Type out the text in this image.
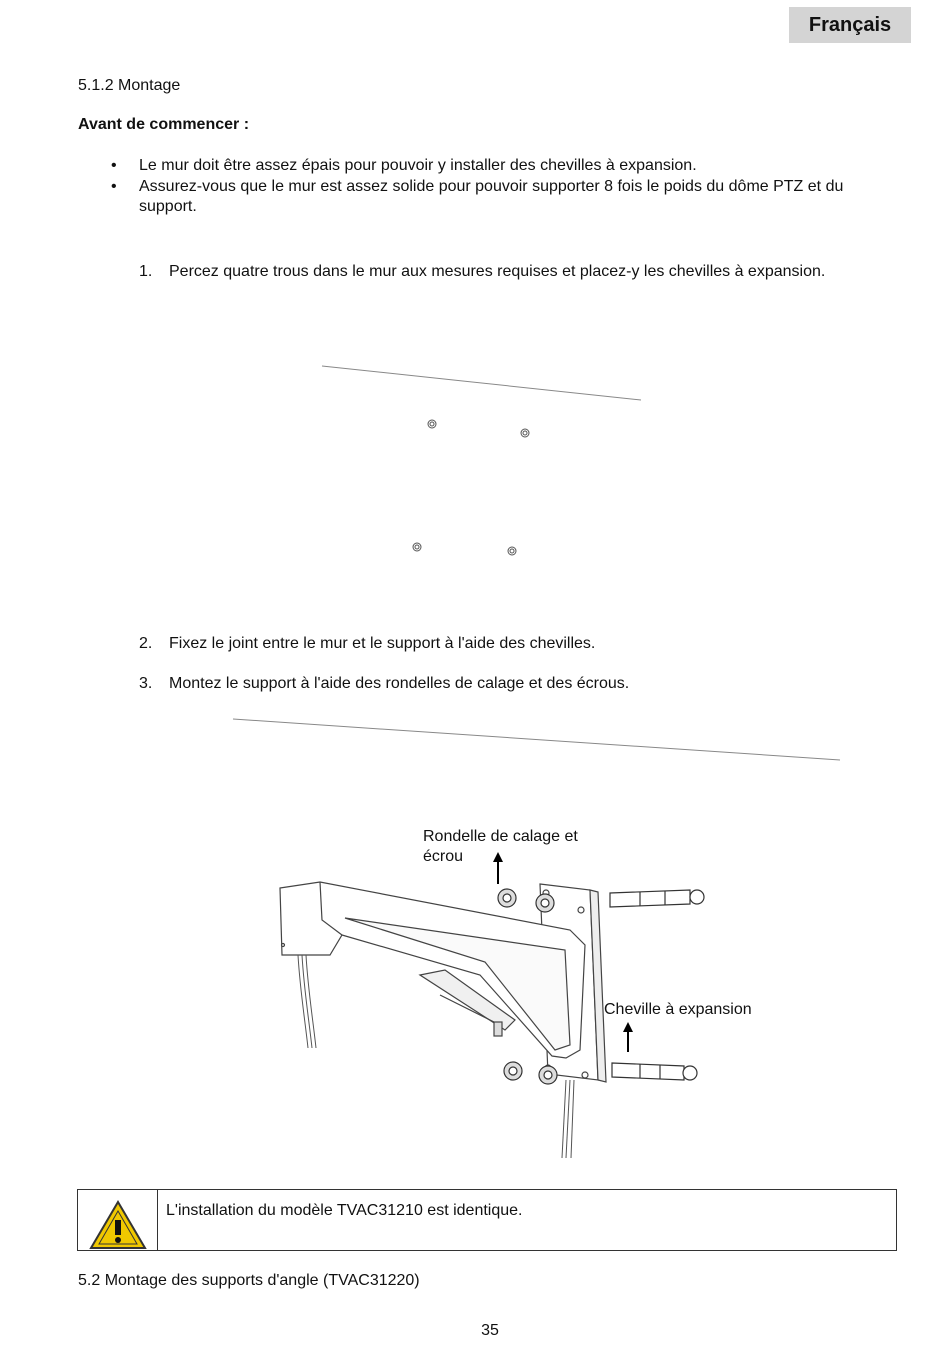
Français
5.1.2 Montage
Avant de commencer :
• Le mur doit être assez épais pour pouvoir y installer des chevilles à expansion.
• Assurez-vous que le mur est assez solide pour pouvoir supporter 8 fois le poids du dôme PTZ et du support.
1.	Percez quatre trous dans le mur aux mesures requises et placez-y les chevilles à expansion.
2.	Fixez le joint entre le mur et le support à l'aide des chevilles.
3.	Montez le support à l'aide des rondelles de calage et des écrous.
Rondelle de calage et écrou
Cheville à expansion
L'installation du modèle TVAC31210 est identique.
5.2 Montage des supports d'angle (TVAC31220)
35
